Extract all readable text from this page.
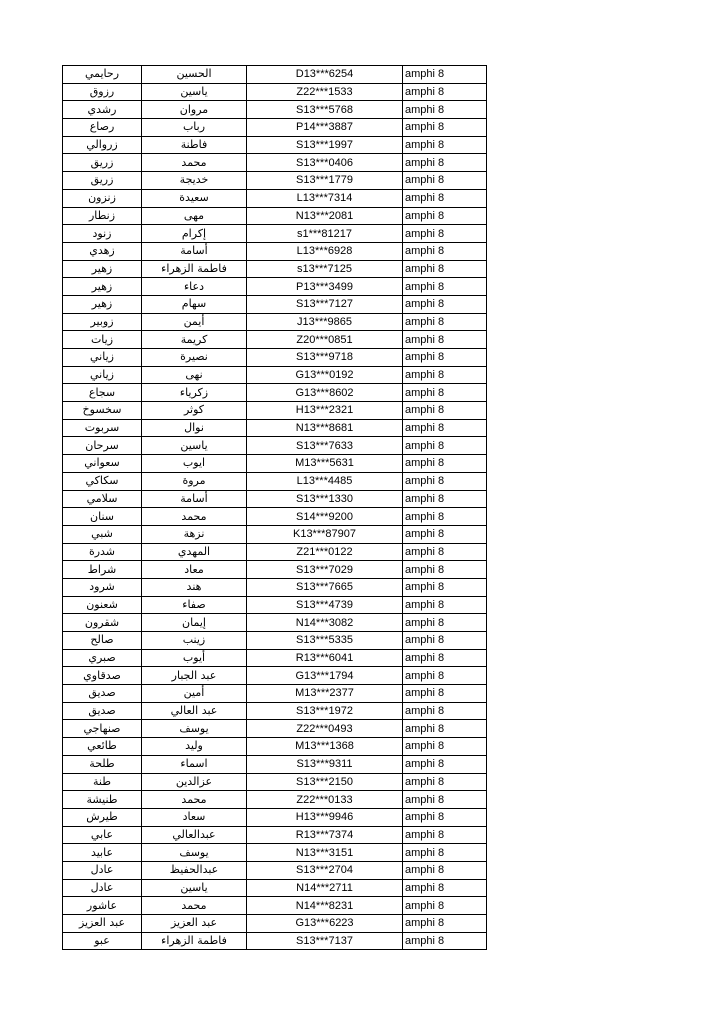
رحايمي	الحسين	D13***6254	amphi 8
رزوق	ياسين	Z22***1533	amphi 8
رشدي	مروان	S13***5768	amphi 8
رصاع	رباب	P14***3887	amphi 8
زروالي	فاطنة	S13***1997	amphi 8
زريق	محمد	S13***0406	amphi 8
زريق	خديجة	S13***1779	amphi 8
زنزون	سعيدة	L13***7314	amphi 8
زنطار	مهى	N13***2081	amphi 8
زنود	إكرام	s1***81217	amphi 8
زهدي	أسامة	L13***6928	amphi 8
زهير	فاطمة الزهراء	s13***7125	amphi 8
زهير	دعاء	P13***3499	amphi 8
زهير	سهام	S13***7127	amphi 8
زوبير	أيمن	J13***9865	amphi 8
زيات	كريمة	Z20***0851	amphi 8
زياني	نصيرة	S13***9718	amphi 8
زياني	نهى	G13***0192	amphi 8
سجاع	زكرياء	G13***8602	amphi 8
سخسوخ	كوثر	H13***2321	amphi 8
سربوت	نوال	N13***8681	amphi 8
سرحان	ياسين	S13***7633	amphi 8
سعواني	ايوب	M13***5631	amphi 8
سكاكي	مروة	L13***4485	amphi 8
سلامي	أسامة	S13***1330	amphi 8
سنان	محمد	S14***9200	amphi 8
شبي	نزهة	K13***87907	amphi 8
شدرة	المهدي	Z21***0122	amphi 8
شراط	معاد	S13***7029	amphi 8
شرود	هند	S13***7665	amphi 8
شعنون	صفاء	S13***4739	amphi 8
شقرون	إيمان	N14***3082	amphi 8
صالح	زينب	S13***5335	amphi 8
صبري	أيوب	R13***6041	amphi 8
صدقاوي	عبد الجبار	G13***1794	amphi 8
صديق	أمين	M13***2377	amphi 8
صديق	عبد العالي	S13***1972	amphi 8
صنهاجي	يوسف	Z22***0493	amphi 8
طائعي	وليد	M13***1368	amphi 8
طلحة	اسماء	S13***9311	amphi 8
طنة	عزالدين	S13***2150	amphi 8
طنيشة	محمد	Z22***0133	amphi 8
طيرش	سعاد	H13***9946	amphi 8
عابي	عبدالعالي	R13***7374	amphi 8
عابيد	يوسف	N13***3151	amphi 8
عادل	عبدالحفيظ	S13***2704	amphi 8
عادل	ياسين	N14***2711	amphi 8
عاشور	محمد	N14***8231	amphi 8
عبد العزيز	عبد العزيز	G13***6223	amphi 8
عبو	فاطمة الزهراء	S13***7137	amphi 8
